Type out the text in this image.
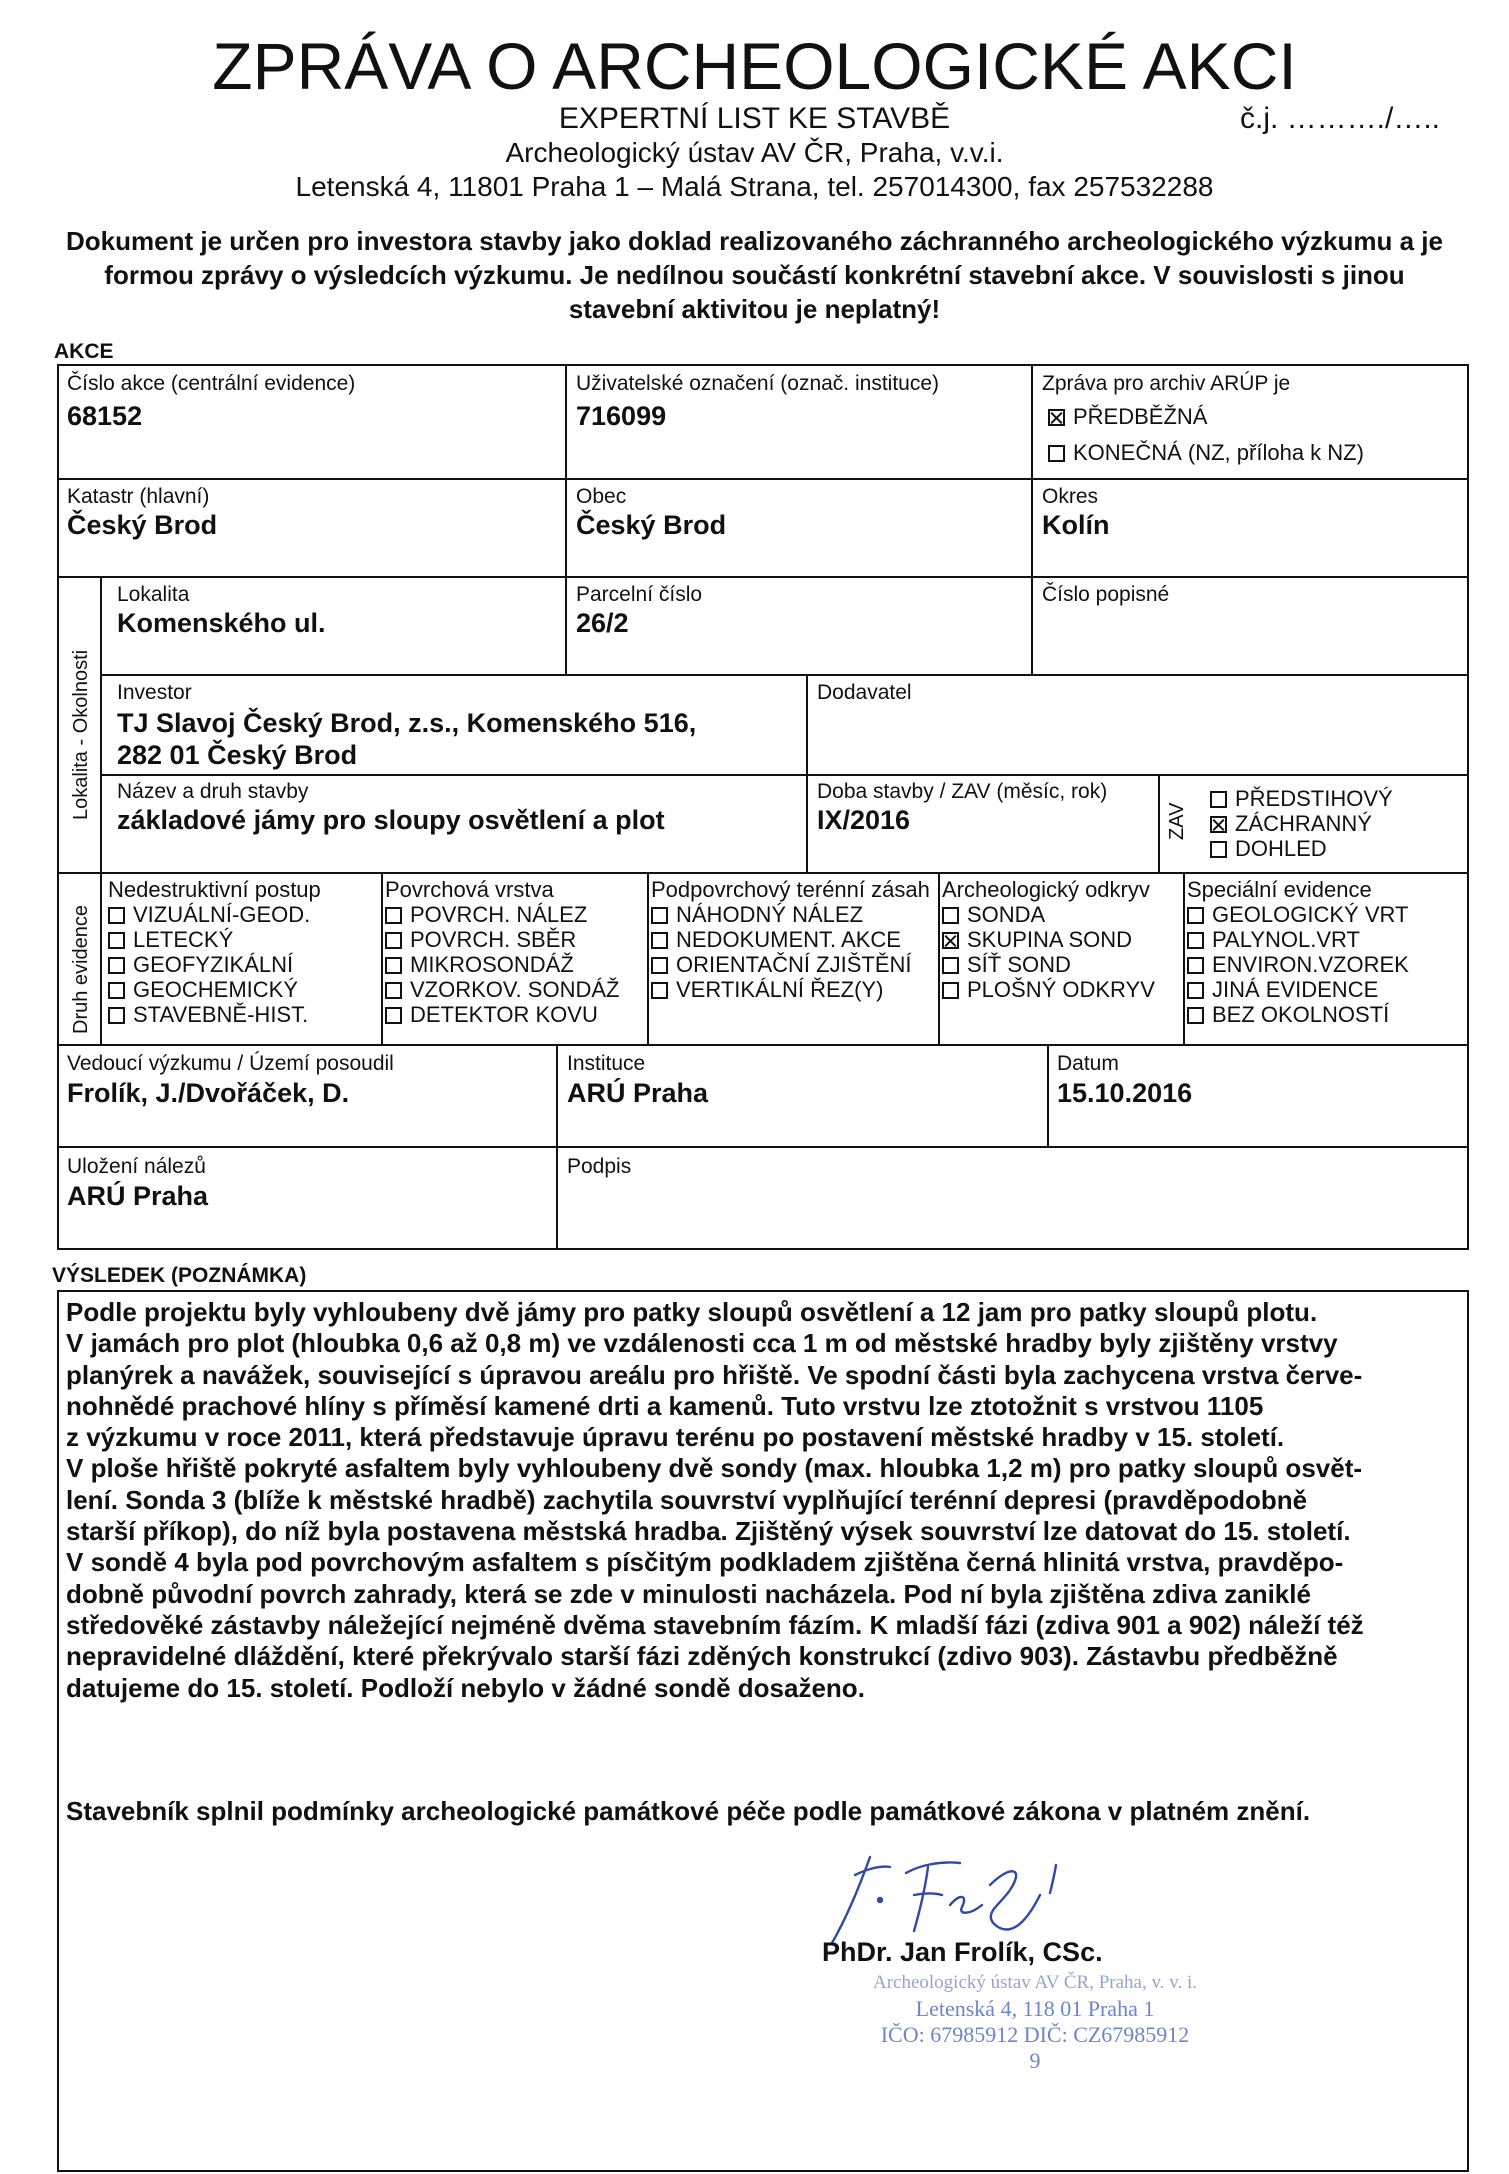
ZPRÁVA O ARCHEOLOGICKÉ AKCI
EXPERTNÍ LIST KE STAVBĚ	č.j. ………./…..
Archeologický ústav AV ČR, Praha, v.v.i.
Letenská 4, 11801 Praha 1 – Malá Strana, tel. 257014300, fax 257532288
Dokument je určen pro investora stavby jako doklad realizovaného záchranného archeologického výzkumu a je formou zprávy o výsledcích výzkumu. Je nedílnou součástí konkrétní stavební akce. V souvislosti s jinou stavební aktivitou je neplatný!
AKCE
Číslo akce (centrální evidence)
68152
Uživatelské označení (označ. instituce)
716099
Zpráva pro archiv ARÚP je
PŘEDBĚŽNÁ
KONEČNÁ (NZ, příloha k NZ)
Katastr (hlavní)
Český Brod
Obec
Český Brod
Okres
Kolín
Lokalita - Okolnosti
Lokalita
Komenského ul.
Parcelní číslo
26/2
Číslo popisné
Investor
TJ Slavoj Český Brod, z.s., Komenského 516,
282 01 Český Brod
Dodavatel
Název a druh stavby
základové jámy pro sloupy osvětlení a plot
Doba stavby / ZAV (měsíc, rok)
IX/2016	ZAV
PŘEDSTIHOVÝ
ZÁCHRANNÝ
DOHLED
Druh evidence
Nedestruktivní postup
VIZUÁLNÍ-GEOD.
LETECKÝ
GEOFYZIKÁLNÍ
GEOCHEMICKÝ
STAVEBNĚ-HIST.
Povrchová vrstva
POVRCH. NÁLEZ
POVRCH. SBĚR
MIKROSONDÁŽ
VZORKOV. SONDÁŽ
DETEKTOR KOVU
Podpovrchový terénní zásah
NÁHODNÝ NÁLEZ
NEDOKUMENT. AKCE
ORIENTAČNÍ ZJIŠTĚNÍ
VERTIKÁLNÍ ŘEZ(Y)
Archeologický odkryv
SONDA
SKUPINA SOND
SÍŤ SOND
PLOŠNÝ ODKRYV
Speciální evidence
GEOLOGICKÝ VRT
PALYNOL.VRT
ENVIRON.VZOREK
JINÁ EVIDENCE
BEZ OKOLNOSTÍ
Vedoucí výzkumu / Území posoudil
Frolík, J./Dvořáček, D.
Instituce
ARÚ Praha
Datum
15.10.2016
Uložení nálezů
ARÚ Praha
Podpis
VÝSLEDEK (POZNÁMKA)
Podle projektu byly vyhloubeny dvě jámy pro patky sloupů osvětlení a 12 jam pro patky sloupů plotu.
V jamách pro plot (hloubka 0,6 až 0,8 m) ve vzdálenosti cca 1 m od městské hradby byly zjištěny vrstvy
planýrek a navážek, související s úpravou areálu pro hřiště. Ve spodní části byla zachycena vrstva červe-
nohnědé prachové hlíny s příměsí kamené drti a kamenů. Tuto vrstvu lze ztotožnit s vrstvou 1105
z výzkumu v roce 2011, která představuje úpravu terénu po postavení městské hradby v 15. století.
V ploše hřiště pokryté asfaltem byly vyhloubeny dvě sondy (max. hloubka 1,2 m) pro patky sloupů osvět-
lení. Sonda 3 (blíže k městské hradbě) zachytila souvrství vyplňující terénní depresi (pravděpodobně
starší příkop), do níž byla postavena městská hradba. Zjištěný výsek souvrství lze datovat do 15. století.
V sondě 4 byla pod povrchovým asfaltem s písčitým podkladem zjištěna černá hlinitá vrstva, pravděpo-
dobně původní povrch zahrady, která se zde v minulosti nacházela. Pod ní byla zjištěna zdiva zaniklé
středověké zástavby náležející nejméně dvěma stavebním fázím. K mladší fázi (zdiva 901 a 902) náleží též
nepravidelné dláždění, které překrývalo starší fázi zděných konstrukcí (zdivo 903). Zástavbu předběžně
datujeme do 15. století. Podloží nebylo v žádné sondě dosaženo.
Stavebník splnil podmínky archeologické památkové péče podle památkové zákona v platném znění.
PhDr. Jan Frolík, CSc.
Archeologický ústav AV ČR, Praha, v. v. i.
Letenská 4, 118 01 Praha 1
IČO: 67985912 DIČ: CZ67985912
9
